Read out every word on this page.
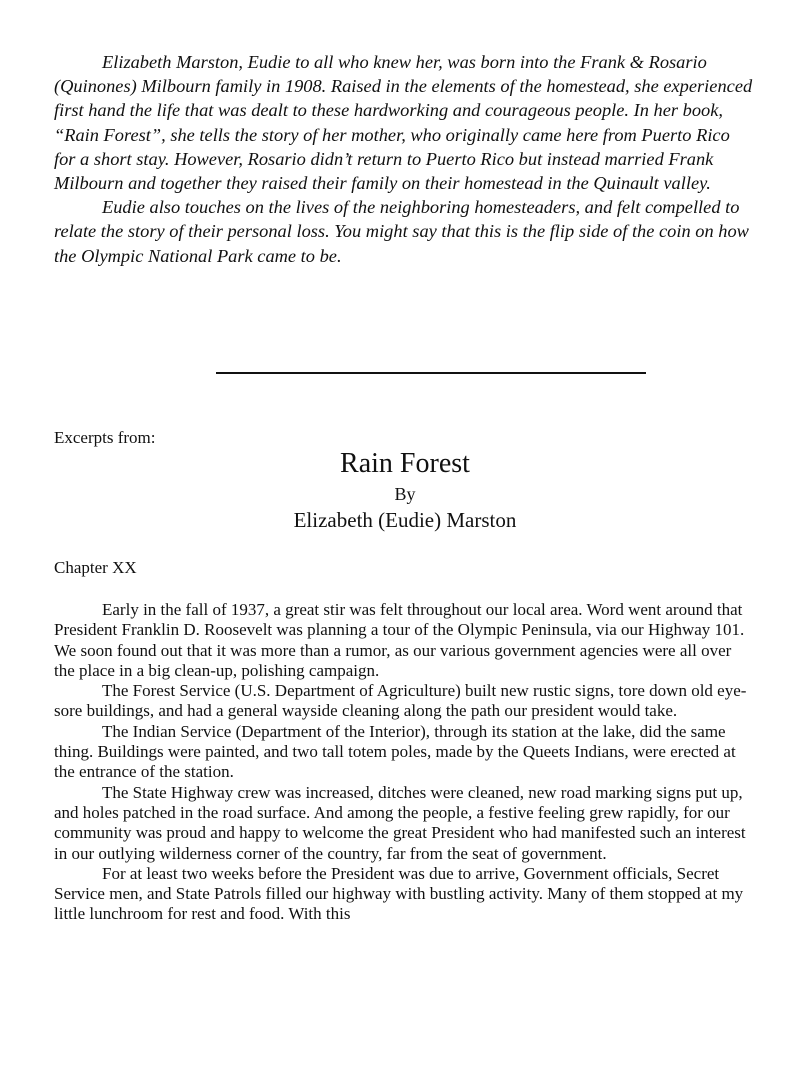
Elizabeth Marston, Eudie to all who knew her, was born into the Frank & Rosario (Quinones) Milbourn family in 1908. Raised in the elements of the homestead, she experienced first hand the life that was dealt to these hardworking and courageous people. In her book, “Rain Forest”, she tells the story of her mother, who originally came here from Puerto Rico for a short stay. However, Rosario didn’t return to Puerto Rico but instead married Frank Milbourn and together they raised their family on their homestead in the Quinault valley.

Eudie also touches on the lives of the neighboring homesteaders, and felt compelled to relate the story of their personal loss. You might say that this is the flip side of the coin on how the Olympic National Park came to be.

Excerpts from:
Rain Forest
By
Elizabeth (Eudie) Marston
Chapter XX

Early in the fall of 1937, a great stir was felt throughout our local area. Word went around that President Franklin D. Roosevelt was planning a tour of the Olympic Peninsula, via our Highway 101. We soon found out that it was more than a rumor, as our various government agencies were all over the place in a big clean-up, polishing campaign.

The Forest Service (U.S. Department of Agriculture) built new rustic signs, tore down old eye-sore buildings, and had a general wayside cleaning along the path our president would take.

The Indian Service (Department of the Interior), through its station at the lake, did the same thing. Buildings were painted, and two tall totem poles, made by the Queets Indians, were erected at the entrance of the station.

The State Highway crew was increased, ditches were cleaned, new road marking signs put up, and holes patched in the road surface. And among the people, a festive feeling grew rapidly, for our community was proud and happy to welcome the great President who had manifested such an interest in our outlying wilderness corner of the country, far from the seat of government.

For at least two weeks before the President was due to arrive, Government officials, Secret Service men, and State Patrols filled our highway with bustling activity. Many of them stopped at my little lunchroom for rest and food. With this
